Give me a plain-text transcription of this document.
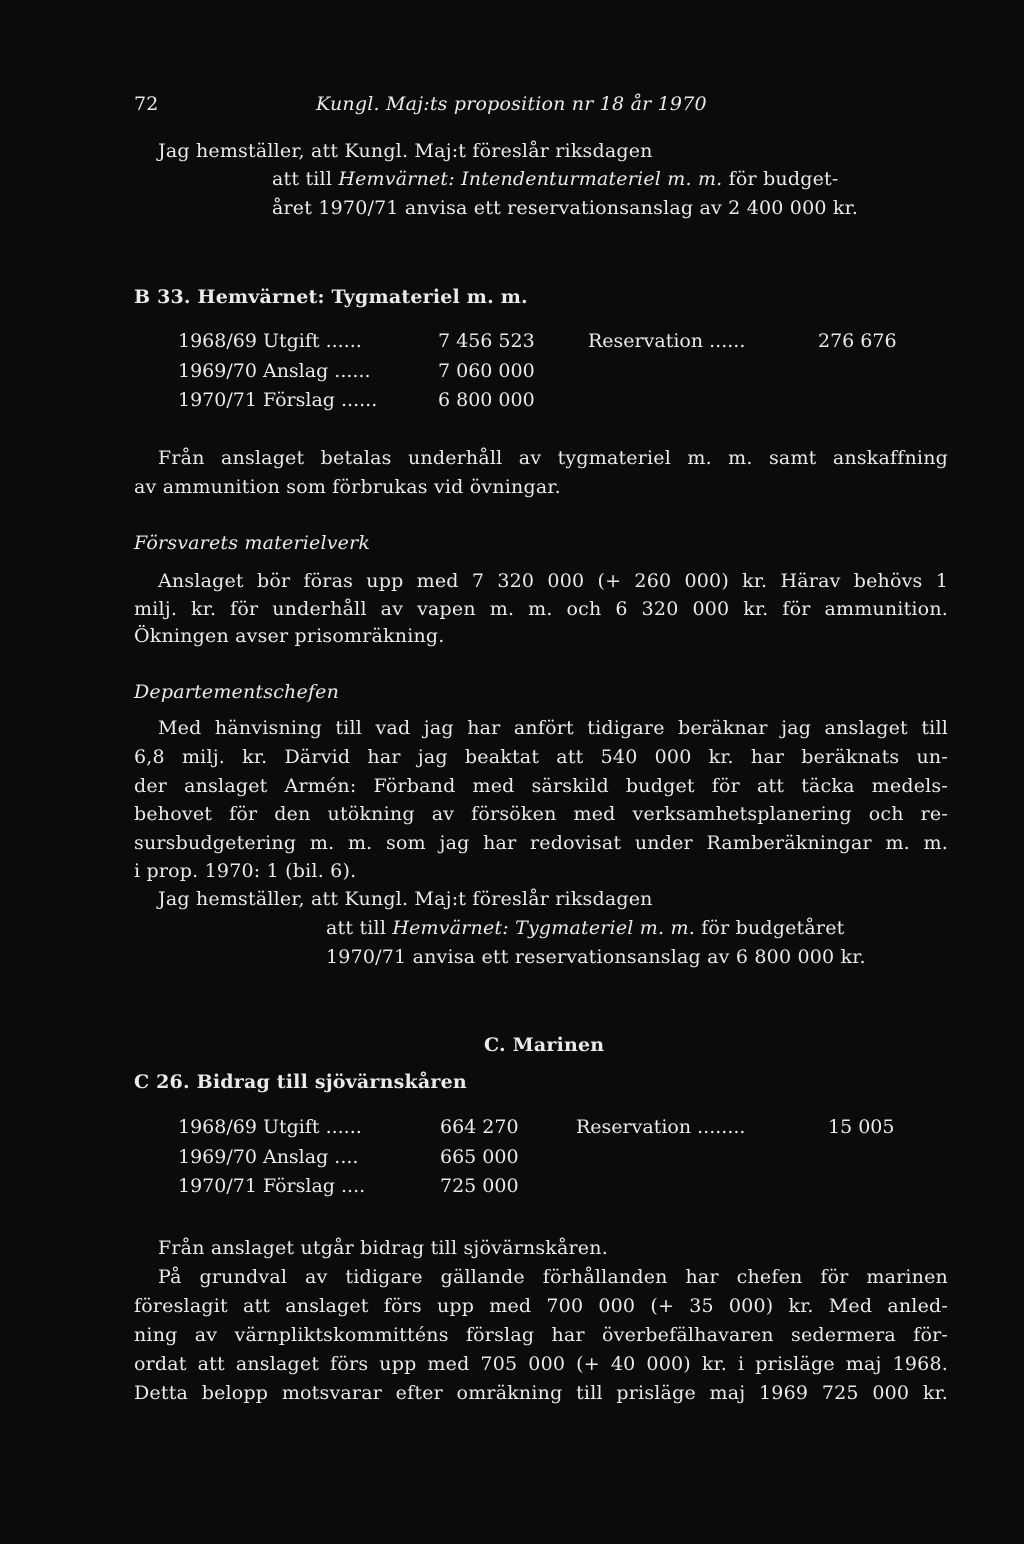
72	Kungl. Maj:ts proposition nr 18 år 1970
Jag hemställer, att Kungl. Maj:t föreslår riksdagen
att till Hemvärnet: Intendenturmateriel m. m. för budget-
året 1970/71 anvisa ett reservationsanslag av 2 400 000 kr.
B 33. Hemvärnet: Tygmateriel m. m.
1968/69 Utgift ......	7 456 523	Reservation ......	276 676
1969/70 Anslag ......	7 060 000
1970/71 Förslag ......	6 800 000
Från anslaget betalas underhåll av tygmateriel m. m. samt anskaffning
av ammunition som förbrukas vid övningar.
Försvarets materielverk
Anslaget bör föras upp med 7 320 000 (+ 260 000) kr. Härav behövs 1
milj. kr. för underhåll av vapen m. m. och 6 320 000 kr. för ammunition.
Ökningen avser prisomräkning.
Departementschefen
Med hänvisning till vad jag har anfört tidigare beräknar jag anslaget till
6,8 milj. kr. Därvid har jag beaktat att 540 000 kr. har beräknats un-
der anslaget Armén: Förband med särskild budget för att täcka medels-
behovet för den utökning av försöken med verksamhetsplanering och re-
sursbudgetering m. m. som jag har redovisat under Ramberäkningar m. m.
i prop. 1970: 1 (bil. 6).
Jag hemställer, att Kungl. Maj:t föreslår riksdagen
att till Hemvärnet: Tygmateriel m. m. för budgetåret
1970/71 anvisa ett reservationsanslag av 6 800 000 kr.
C. Marinen
C 26. Bidrag till sjövärnskåren
1968/69 Utgift ......	664 270	Reservation ........	15 005
1969/70 Anslag ....	665 000
1970/71 Förslag ....	725 000
Från anslaget utgår bidrag till sjövärnskåren.
På grundval av tidigare gällande förhållanden har chefen för marinen
föreslagit att anslaget förs upp med 700 000 (+ 35 000) kr. Med anled-
ning av värnpliktskommitténs förslag har överbefälhavaren sedermera för-
ordat att anslaget förs upp med 705 000 (+ 40 000) kr. i prisläge maj 1968.
Detta belopp motsvarar efter omräkning till prisläge maj 1969 725 000 kr.
